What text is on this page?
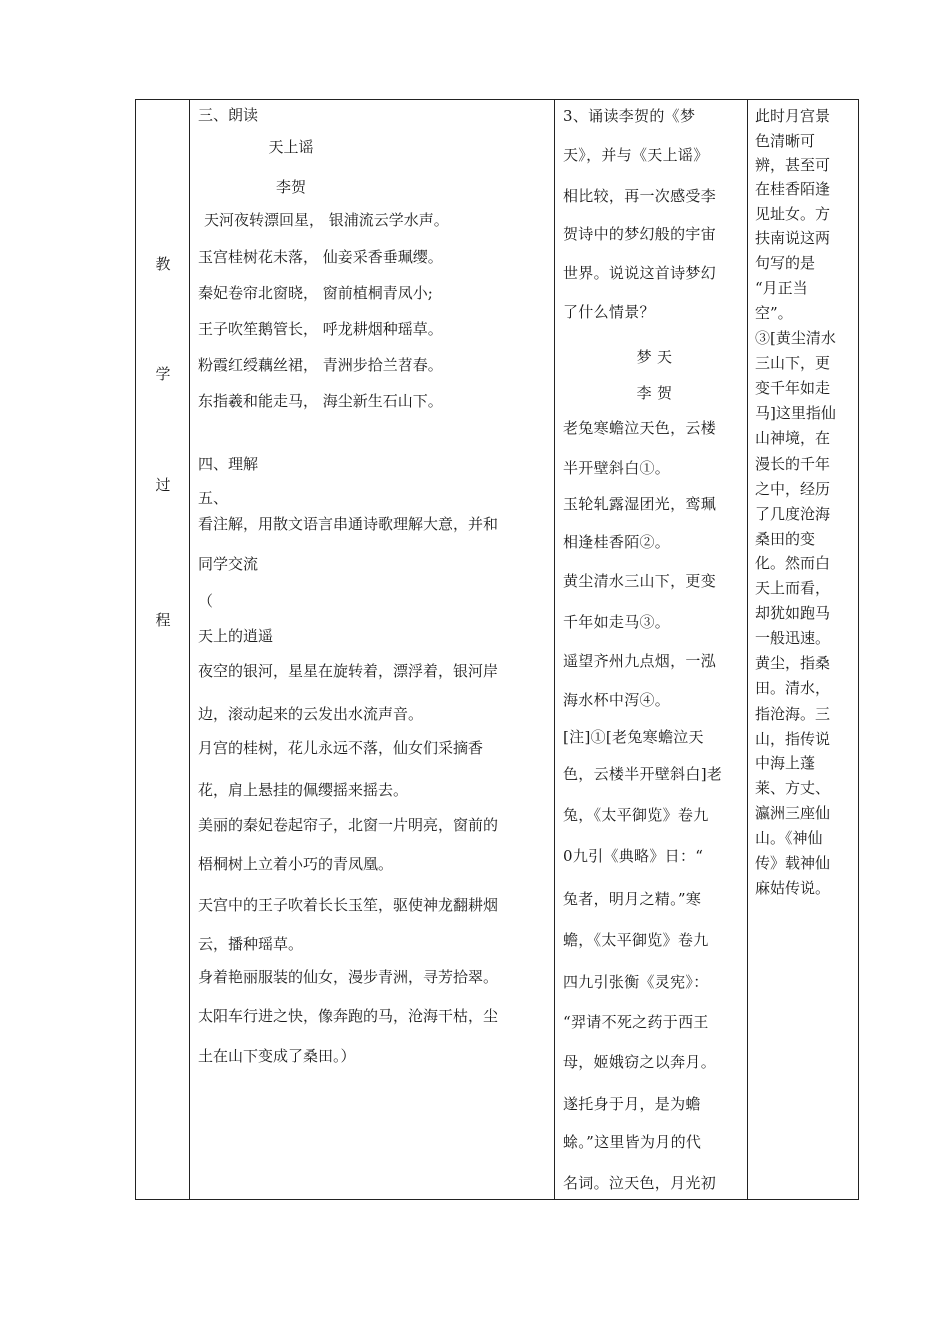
教
学
过
程
三、朗读
天上谣
李贺
天河夜转漂回星， 银浦流云学水声。
玉宫桂树花未落， 仙妾采香垂珮缨。
秦妃卷帘北窗晓， 窗前植桐青凤小;
王子吹笙鹅管长， 呼龙耕烟种瑶草。
粉霞红绶藕丝裙， 青洲步拾兰苕春。
东指羲和能走马， 海尘新生石山下。
四、理解
五、
看注解，用散文语言串通诗歌理解大意，并和
同学交流
（
天上的逍遥
夜空的银河，星星在旋转着，漂浮着，银河岸
边，滚动起来的云发出水流声音。
月宫的桂树，花儿永远不落，仙女们采摘香
花，肩上悬挂的佩缨摇来摇去。
美丽的秦妃卷起帘子，北窗一片明亮，窗前的
梧桐树上立着小巧的青凤凰。
天宫中的王子吹着长长玉笙，驱使神龙翻耕烟
云，播种瑶草。
身着艳丽服装的仙女，漫步青洲，寻芳拾翠。
太阳车行进之快，像奔跑的马，沧海干枯，尘
土在山下变成了桑田。）
3、诵读李贺的《梦
天》，并与《天上谣》
相比较，再一次感受李
贺诗中的梦幻般的宇宙
世界。说说这首诗梦幻
了什么情景？
梦 天
李 贺
老兔寒蟾泣天色，云楼
半开壁斜白①。
玉轮轧露湿团光，鸾珮
相逢桂香陌②。
黄尘清水三山下，更变
千年如走马③。
遥望齐州九点烟，一泓
海水杯中泻④。
[注]①[老兔寒蟾泣天
色，云楼半开壁斜白]老
兔，《太平御览》卷九
0九引《典略》日：“
兔者，明月之精。”寒
蟾，《太平御览》卷九
四九引张衡《灵宪》：
“羿请不死之药于西王
母，姬娥窃之以奔月。
遂托身于月，是为蟾
蜍。”这里皆为月的代
名词。泣天色，月光初
此时月宫景
色清晰可
辨，甚至可
在桂香陌逢
见址女。方
扶南说这两
句写的是
“月正当
空”。
③[黄尘清水
三山下，更
变千年如走
马]这里指仙
山神境，在
漫长的千年
之中，经历
了几度沧海
桑田的变
化。然而白
天上而看，
却犹如跑马
一般迅速。
黄尘，指桑
田。清水，
指沧海。三
山，指传说
中海上蓬
莱、方丈、
瀛洲三座仙
山。《神仙
传》载神仙
麻姑传说。
